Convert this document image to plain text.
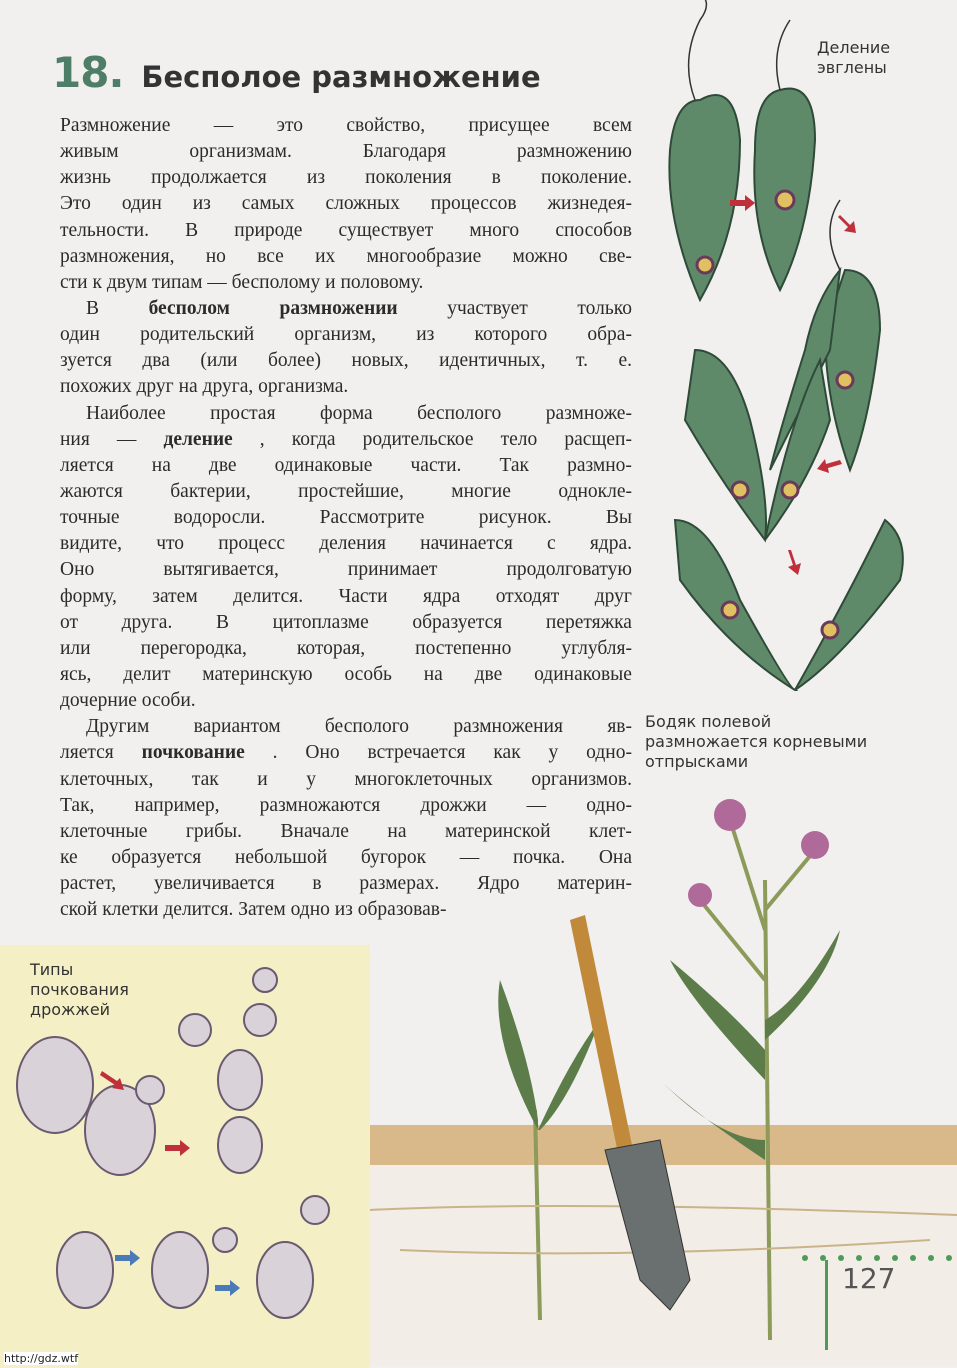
18. Бесполое размножение
Размножение — это свойство, присущее всем
живым	организмам.	Благодаря	размножению
жизнь продолжается из поколения в поколение.
Это один из самых сложных процессов жизнедея-
тельности. В природе существует много способов
размножения, но все их многообразие можно све-
сти
к
двум
типам
—
бесполому
и
половому.
В	бесполом	размножении	участвует	только
один родительский организм, из которого обра-
зуется два (или более) новых, идентичных, т. е.
похожих
друг
на
друга,
организма.
Наиболее простая форма бесполого размноже-
ния — деление , когда родительское тело расщеп-
ляется на две одинаковые части. Так размно-
жаются бактерии, простейшие, многие однокле-
точные	водоросли.	Рассмотрите	рисунок.	Вы
видите, что процесс деления начинается с ядра.
Оно	вытягивается,	принимает	продолговатую
форму, затем делится. Части ядра отходят друг
от друга. В цитоплазме образуется перетяжка
или	перегородка,	которая,	постепенно	углубля-
ясь, делит материнскую особь на две одинаковые
дочерние
особи.
Другим вариантом бесполого размножения яв-
ляется почкование . Оно встречается как у одно-
клеточных, так и у многоклеточных организмов.
Так, например, размножаются дрожжи — одно-
клеточные грибы. Вначале на материнской клет-
ке образуется небольшой бугорок — почка. Она
растет, увеличивается в размерах. Ядро материн-
ской
клетки
делится.
Затем
одно
из
образовав-
Деление
эвглены
Бодяк полевой
размножается корневыми
отпрысками
Типы
почкования
дрожжей
127
http://gdz.wtf
